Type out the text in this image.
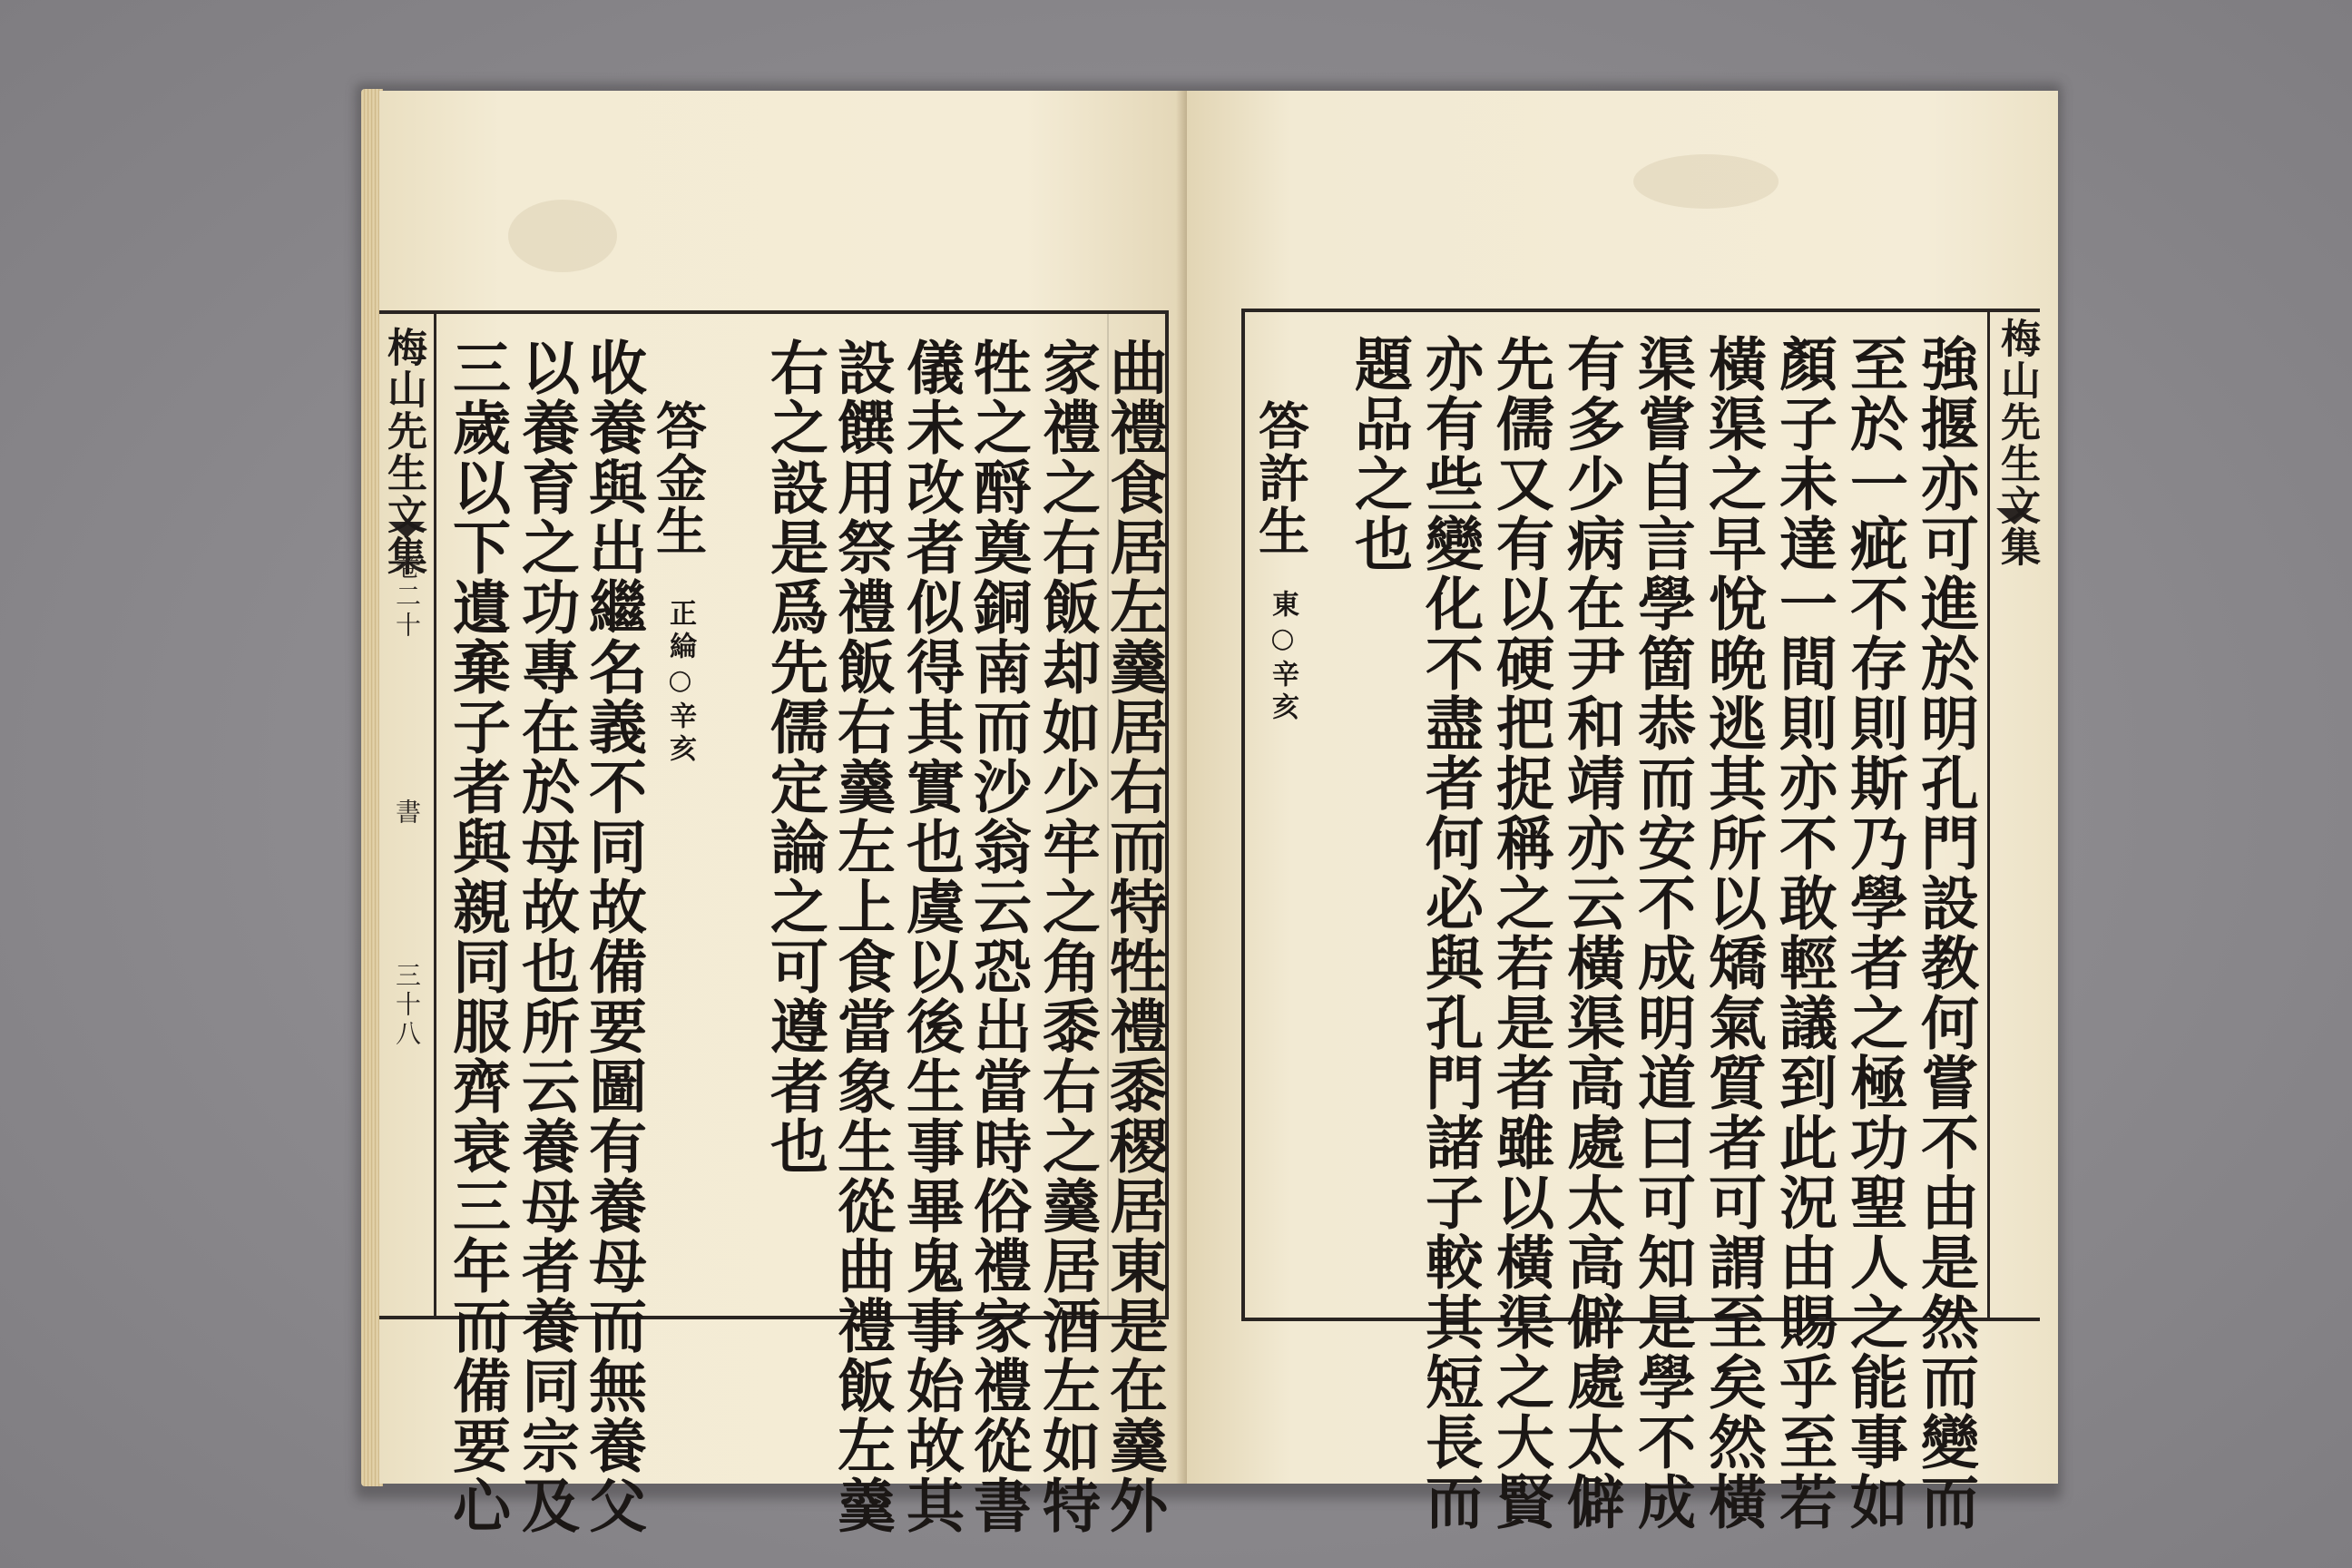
梅山先生文集
卷二十
書
三十八	曲禮食居左羹居右而特牲禮黍稷居東是在羹外
家禮之右飯却如少牢之角黍右之羹居酒左如特
牲之酹奠銅南而沙翁云恐出當時俗禮家禮從書
儀未改者似得其實也虞以後生事畢鬼事始故其
設饌用祭禮飯右羹左上食當象生從曲禮飯左羹
右之設是爲先儒定論之可遵者也
答金生
正綸○辛亥
收養與出繼名義不同故備要圖有養母而無養父
以養育之功專在於母故也所云養母者養同宗及
三歲以下遺棄子者與親同服齊衰三年而備要心	梅山先生文集
強揠亦可進於明孔門設教何嘗不由是然而變而
至於一疵不存則斯乃學者之極功聖人之能事如
顏子未達一間則亦不敢輕議到此況由賜乎至若
橫渠之早悅晩逃其所以矯氣質者可謂至矣然橫
渠嘗自言學箇恭而安不成明道曰可知是學不成
有多少病在尹和靖亦云橫渠高處太高僻處太僻
先儒又有以硬把捉稱之若是者雖以橫渠之大賢
亦有些變化不盡者何必與孔門諸子較其短長而
題品之也
答許生
東○辛亥
